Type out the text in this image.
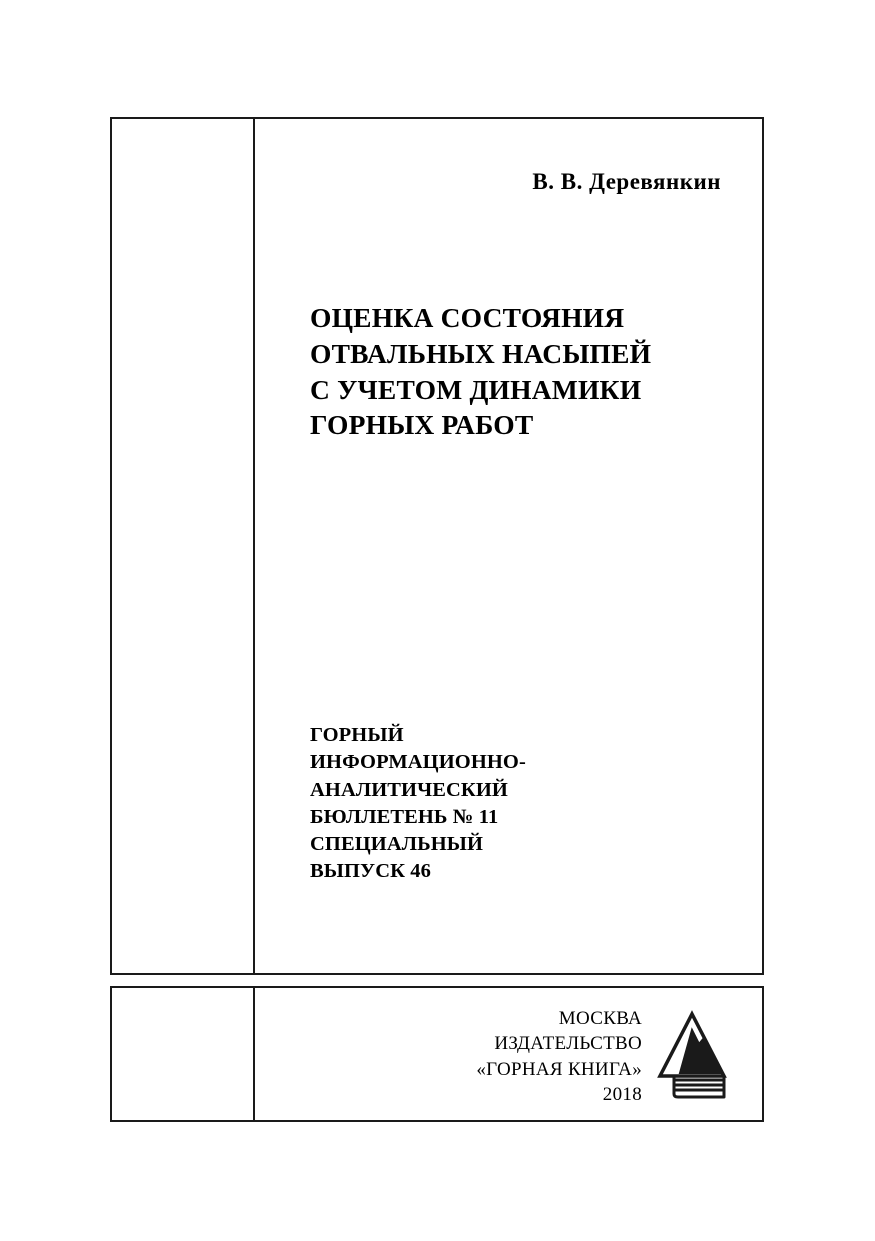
В. В. Деревянкин
ОЦЕНКА СОСТОЯНИЯ
ОТВАЛЬНЫХ НАСЫПЕЙ
С УЧЕТОМ ДИНАМИКИ
ГОРНЫХ РАБОТ
ГОРНЫЙ
ИНФОРМАЦИОННО-
АНАЛИТИЧЕСКИЙ
БЮЛЛЕТЕНЬ № 11
СПЕЦИАЛЬНЫЙ
ВЫПУСК 46
МОСКВА
ИЗДАТЕЛЬСТВО
«ГОРНАЯ КНИГА»
2018
